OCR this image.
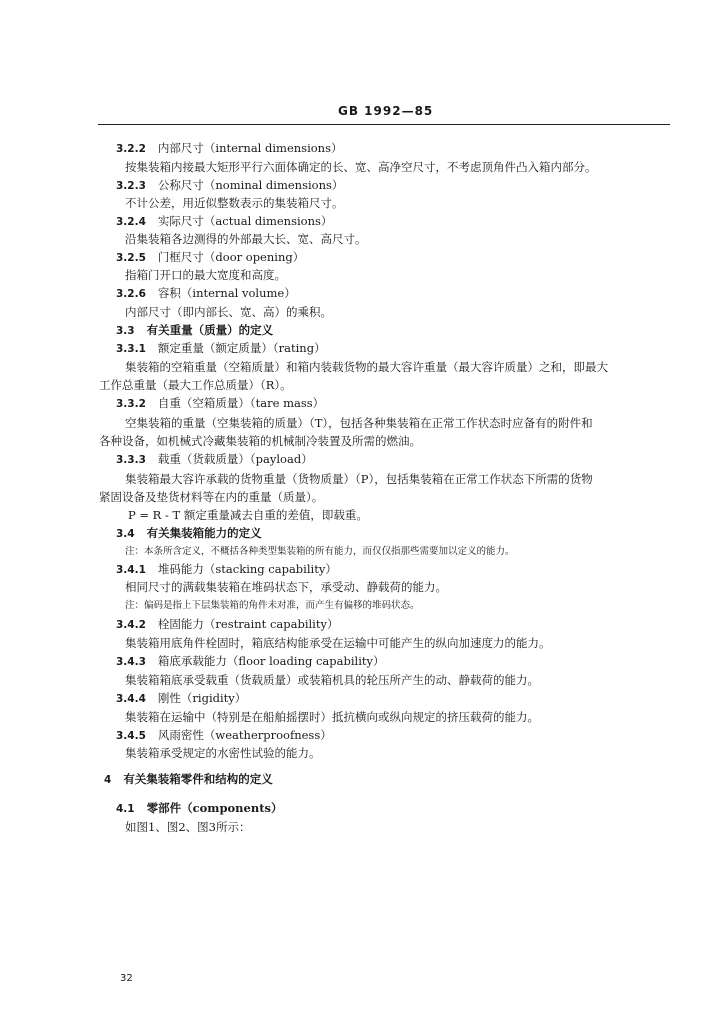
GB 1992—85
3.2.2 内部尺寸（internal dimensions）
按集装箱内接最大矩形平行六面体确定的长、宽、高净空尺寸，不考虑顶角件凸入箱内部分。
3.2.3 公称尺寸（nominal dimensions）
不计公差，用近似整数表示的集装箱尺寸。
3.2.4 实际尺寸（actual dimensions）
沿集装箱各边测得的外部最大长、宽、高尺寸。
3.2.5 门框尺寸（door opening）
指箱门开口的最大宽度和高度。
3.2.6 容积（internal volume）
内部尺寸（即内部长、宽、高）的乘积。
3.3 有关重量（质量）的定义
3.3.1 额定重量（额定质量）（rating）
集装箱的空箱重量（空箱质量）和箱内装载货物的最大容许重量（最大容许质量）之和，即最大
工作总重量（最大工作总质量）（R）。
3.3.2 自重（空箱质量）（tare mass）
空集装箱的重量（空集装箱的质量）（T），包括各种集装箱在正常工作状态时应备有的附件和
各种设备，如机械式冷藏集装箱的机械制冷装置及所需的燃油。
3.3.3 载重（货载质量）（payload）
集装箱最大容许承载的货物重量（货物质量）（P），包括集装箱在正常工作状态下所需的货物
紧固设备及垫货材料等在内的重量（质量）。
P = R - T 额定重量减去自重的差值，即载重。
3.4 有关集装箱能力的定义
注：本条所含定义，不概括各种类型集装箱的所有能力，而仅仅指那些需要加以定义的能力。
3.4.1 堆码能力（stacking capability）
相同尺寸的满载集装箱在堆码状态下，承受动、静载荷的能力。
注：偏码是指上下层集装箱的角件未对准，而产生有偏移的堆码状态。
3.4.2 栓固能力（restraint capability）
集装箱用底角件栓固时，箱底结构能承受在运输中可能产生的纵向加速度力的能力。
3.4.3 箱底承载能力（floor loading capability）
集装箱箱底承受载重（货载质量）或装箱机具的轮压所产生的动、静载荷的能力。
3.4.4 刚性（rigidity）
集装箱在运输中（特别是在船舶摇摆时）抵抗横向或纵向规定的挤压载荷的能力。
3.4.5 风雨密性（weatherproofness）
集装箱承受规定的水密性试验的能力。
4 有关集装箱零件和结构的定义
4.1 零部件（components）
如图1、图2、图3所示：
32
